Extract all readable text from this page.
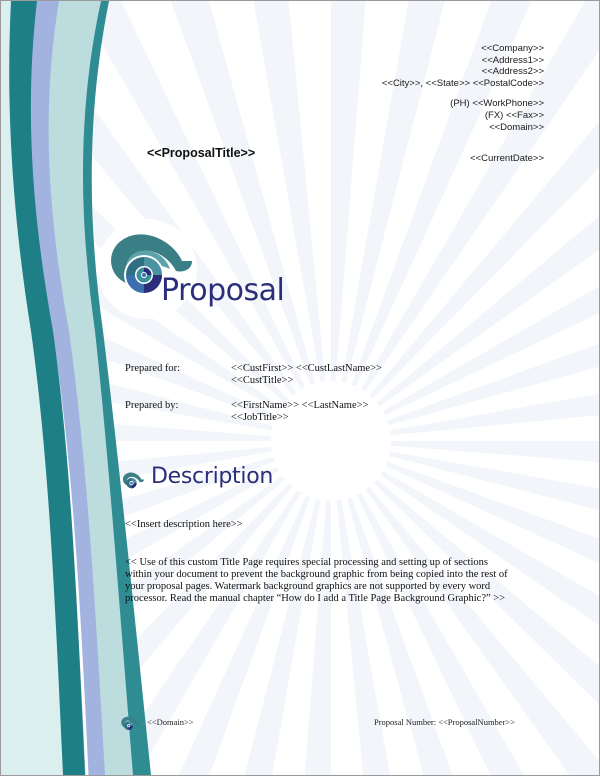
<<Company>>
<<Address1>>
<<Address2>>
<<City>>, <<State>> <<PostalCode>>
(PH) <<WorkPhone>>
(FX) <<Fax>>
<<Domain>>
<<ProposalTitle>>	<<CurrentDate>>
Proposal
Prepared for:	<<CustFirst>> <<CustLastName>>
<<CustTitle>>
Prepared by:	<<FirstName>> <<LastName>>
<<JobTitle>>
Description
<<Insert description here>>
<< Use of this custom Title Page requires special processing and setting up of sections within your document to prevent the background graphic from being copied into the rest of your proposal pages. Watermark background graphics are not supported by every word processor. Read the manual chapter “How do I add a Title Page Background Graphic?” >>
<<Domain>>	Proposal Number: <<ProposalNumber>>
